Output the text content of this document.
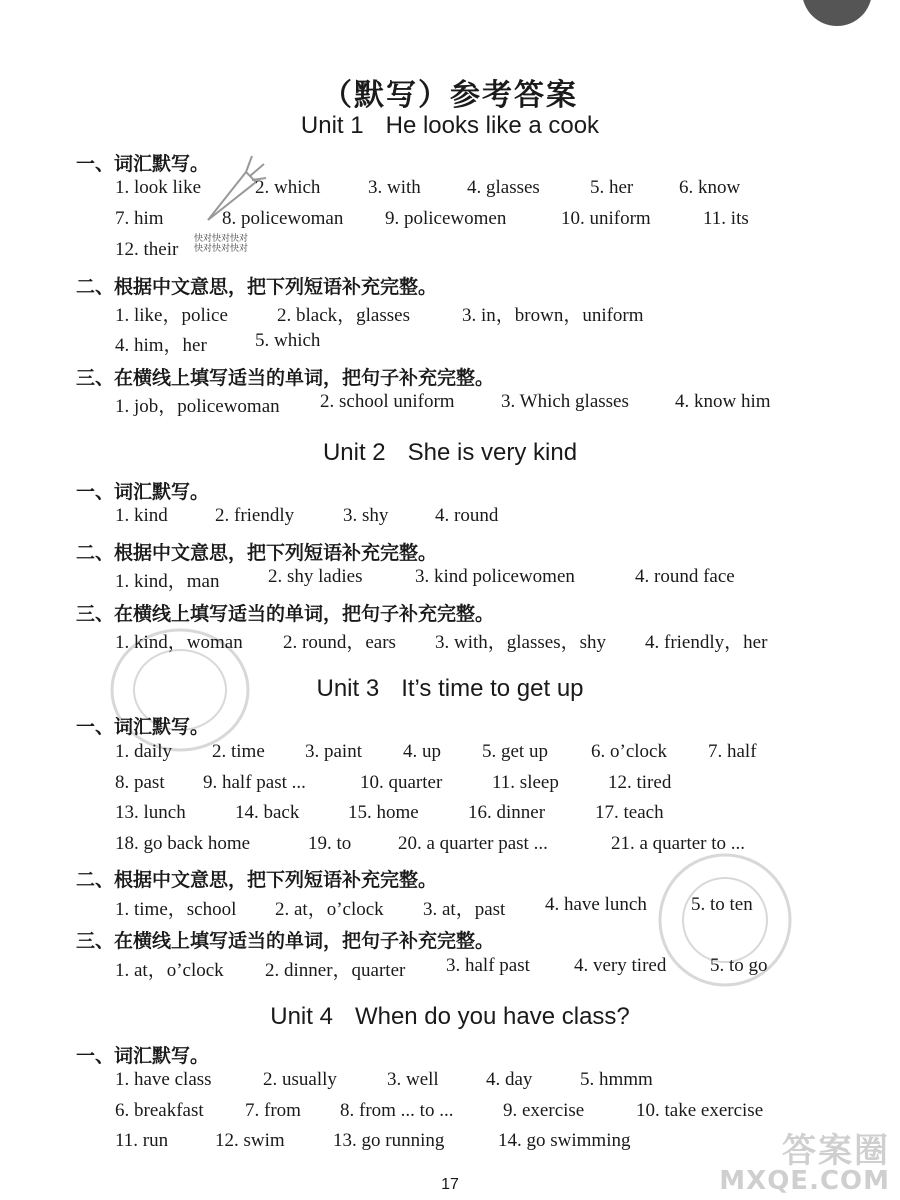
（默写）参考答案
快对快对快对
快对快对快对
Unit 1 He looks like a cook
一、词汇默写。
1. look like	2. which	3. with 4. glasses	5. her 6. know
7. him	8. policewoman 9. policewomen	10. uniform	11. its
12. their
二、根据中文意思，把下列短语补充完整。
1. like，police	2. black，glasses	3. in，brown，uniform
4. him，her	5. which
三、在横线上填写适当的单词，把句子补充完整。
1. job，policewoman 2. school uniform 3. Which glasses 4. know him
Unit 2 She is very kind
一、词汇默写。
1. kind 2. friendly	3. shy 4. round
二、根据中文意思，把下列短语补充完整。
1. kind，man	2. shy ladies	3. kind policewomen	4. round face
三、在横线上填写适当的单词，把句子补充完整。
1. kind，woman 2. round，ears 3. with，glasses，shy 4. friendly，her
Unit 3 It’s time to get up
一、词汇默写。
1. daily 2. time 3. paint 4. up 5. get up 6. o’clock 7. half
8. past 9. half past ...	10. quarter	11. sleep	12. tired
13. lunch	14. back	15. home	16. dinner	17. teach
18. go back home	19. to 20. a quarter past ...	21. a quarter to ...
二、根据中文意思，把下列短语补充完整。
1. time，school 2. at，o’clock 3. at，past 4. have lunch 5. to ten
三、在横线上填写适当的单词，把句子补充完整。
1. at，o’clock 2. dinner，quarter 3. half past 4. very tired 5. to go
Unit 4 When do you have class?
一、词汇默写。
1. have class	2. usually	3. well 4. day	5. hmmm
6. breakfast 7. from 8. from ... to ...	9. exercise	10. take exercise
11. run 12. swim	13. go running	14. go swimming
17
答案圈
MXQE.COM
